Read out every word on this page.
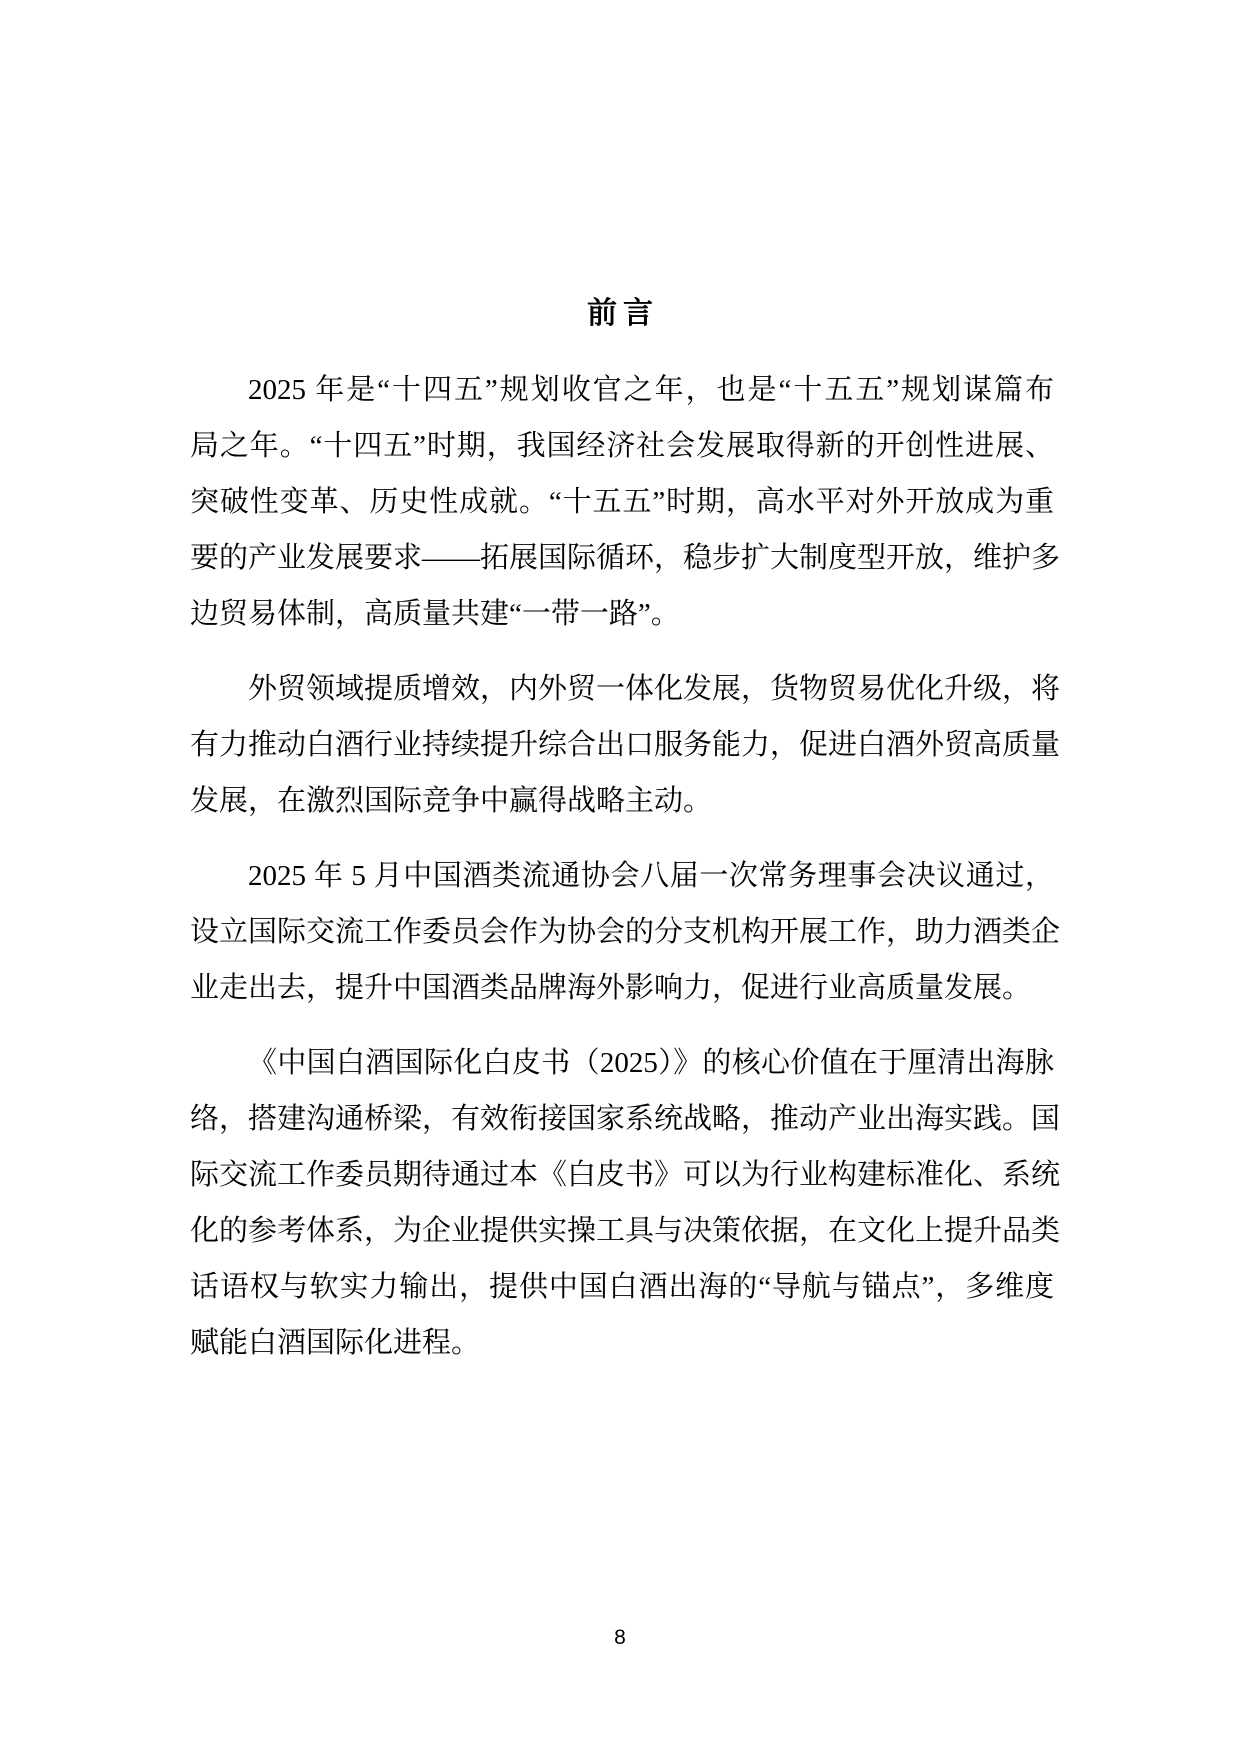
前言
2025 年是“十四五”规划收官之年，也是“十五五”规划谋篇布
局之年。“十四五”时期，我国经济社会发展取得新的开创性进展、
突破性变革、历史性成就。“十五五”时期，高水平对外开放成为重
要的产业发展要求——拓展国际循环，稳步扩大制度型开放，维护多
边贸易体制，高质量共建“一带一路”。
外贸领域提质增效，内外贸一体化发展，货物贸易优化升级，将
有力推动白酒行业持续提升综合出口服务能力，促进白酒外贸高质量
发展，在激烈国际竞争中赢得战略主动。
2025 年 5 月中国酒类流通协会八届一次常务理事会决议通过，
设立国际交流工作委员会作为协会的分支机构开展工作，助力酒类企
业走出去，提升中国酒类品牌海外影响力，促进行业高质量发展。
《中国白酒国际化白皮书（2025）》的核心价值在于厘清出海脉
络，搭建沟通桥梁，有效衔接国家系统战略，推动产业出海实践。国
际交流工作委员期待通过本《白皮书》可以为行业构建标准化、系统
化的参考体系，为企业提供实操工具与决策依据，在文化上提升品类
话语权与软实力输出，提供中国白酒出海的“导航与锚点”，多维度
赋能白酒国际化进程。
8
